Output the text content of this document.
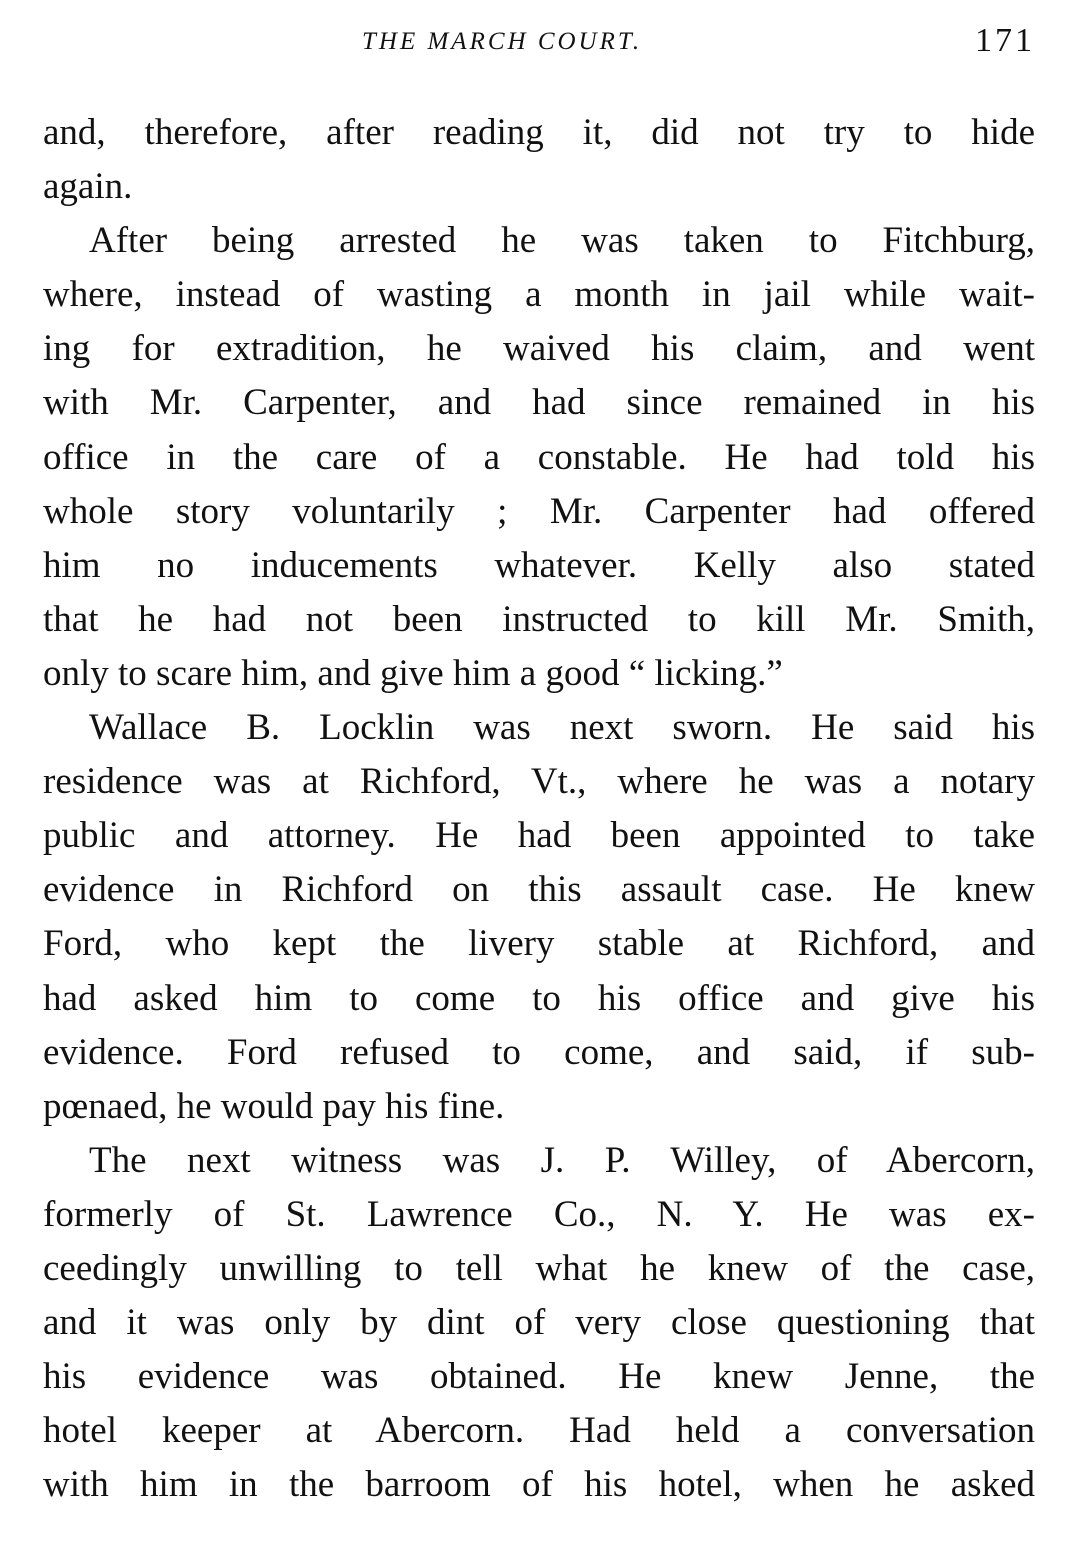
THE MARCH COURT.	171
and, therefore, after reading it, did not try to hide
again.
After being arrested he was taken to Fitchburg,
where, instead of wasting a month in jail while wait-
ing for extradition, he waived his claim, and went
with Mr. Carpenter, and had since remained in his
office in the care of a constable. He had told his
whole story voluntarily ; Mr. Carpenter had offered
him no inducements whatever. Kelly also stated
that he had not been instructed to kill Mr. Smith,
only to scare him, and give him a good “ licking.”
Wallace B. Locklin was next sworn. He said his
residence was at Richford, Vt., where he was a notary
public and attorney. He had been appointed to take
evidence in Richford on this assault case. He knew
Ford, who kept the livery stable at Richford, and
had asked him to come to his office and give his
evidence. Ford refused to come, and said, if sub-
pœnaed, he would pay his fine.
The next witness was J. P. Willey, of Abercorn,
formerly of St. Lawrence Co., N. Y. He was ex-
ceedingly unwilling to tell what he knew of the case,
and it was only by dint of very close questioning that
his evidence was obtained. He knew Jenne, the
hotel keeper at Abercorn. Had held a conversation
with him in the barroom of his hotel, when he asked
